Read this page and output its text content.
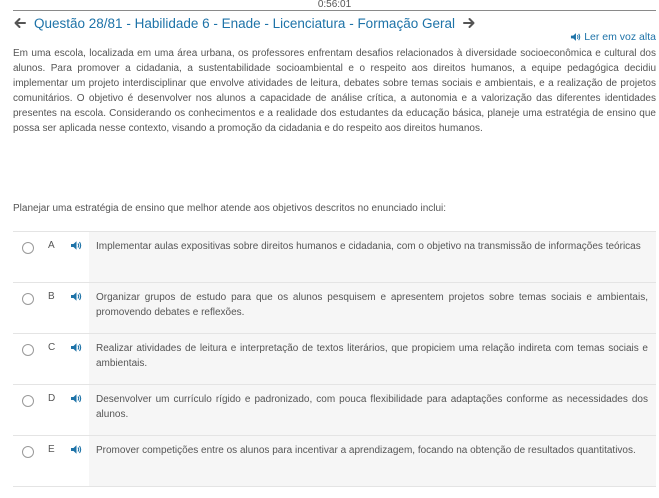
0:56:01
Questão 28/81 - Habilidade 6 - Enade - Licenciatura - Formação Geral
Ler em voz alta
Em uma escola, localizada em uma área urbana, os professores enfrentam desafios relacionados à diversidade socioeconômica e cultural dos alunos. Para promover a cidadania, a sustentabilidade socioambiental e o respeito aos direitos humanos, a equipe pedagógica decidiu implementar um projeto interdisciplinar que envolve atividades de leitura, debates sobre temas sociais e ambientais, e a realização de projetos comunitários. O objetivo é desenvolver nos alunos a capacidade de análise crítica, a autonomia e a valorização das diferentes identidades presentes na escola. Considerando os conhecimentos e a realidade dos estudantes da educação básica, planeje uma estratégia de ensino que possa ser aplicada nesse contexto, visando a promoção da cidadania e do respeito aos direitos humanos.
Planejar uma estratégia de ensino que melhor atende aos objetivos descritos no enunciado inclui:
A	Implementar aulas expositivas sobre direitos humanos e cidadania, com o objetivo na transmissão de informações teóricas
B	Organizar grupos de estudo para que os alunos pesquisem e apresentem projetos sobre temas sociais e ambientais, promovendo debates e reflexões.
C	Realizar atividades de leitura e interpretação de textos literários, que propiciem uma relação indireta com temas sociais e ambientais.
D	Desenvolver um currículo rígido e padronizado, com pouca flexibilidade para adaptações conforme as necessidades dos alunos.
E	Promover competições entre os alunos para incentivar a aprendizagem, focando na obtenção de resultados quantitativos.
